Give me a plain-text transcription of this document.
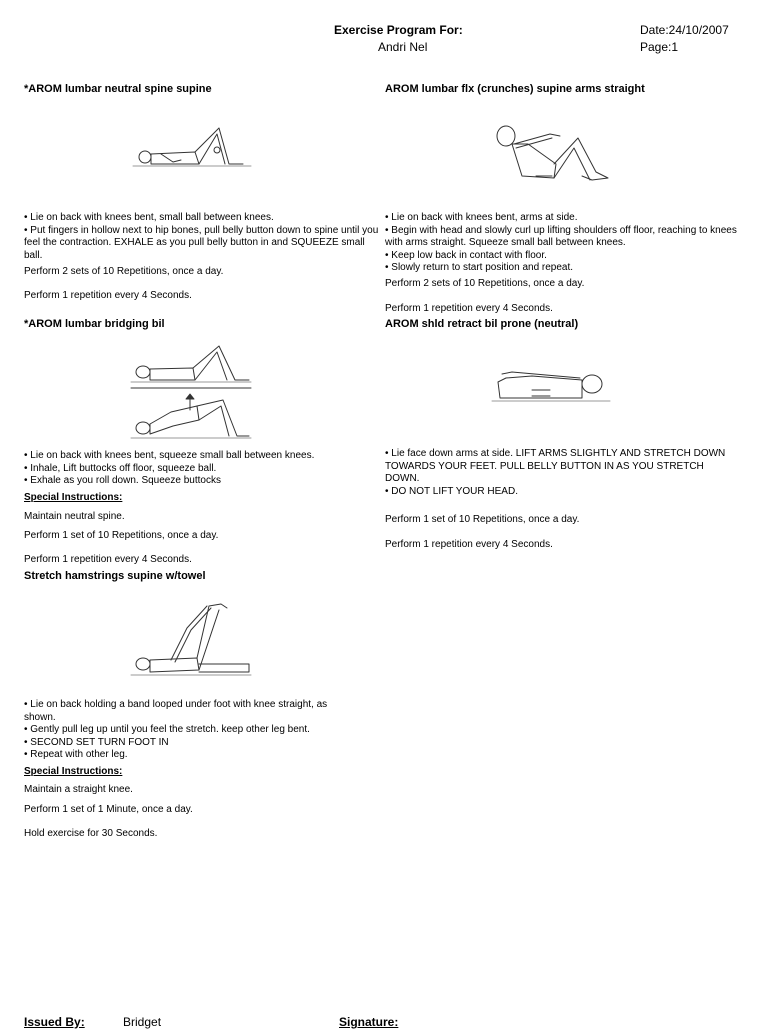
Exercise Program For:
Andri Nel
Date:24/10/2007
Page:1
*AROM lumbar neutral spine supine

• Lie on back with knees bent, small ball between knees.

• Put fingers in hollow next to hip bones, pull belly button down to spine until you feel the contraction. EXHALE as you pull belly button in and SQUEEZE small ball.

Perform 2 sets of 10 Repetitions, once a day.
Perform 1 repetition every 4 Seconds.
AROM lumbar flx (crunches) supine arms straight

• Lie on back with knees bent, arms at side.

• Begin with head and slowly curl up lifting shoulders off floor, reaching to knees with arms straight. Squeeze small ball between knees.

• Keep low back in contact with floor.

• Slowly return to start position and repeat.

Perform 2 sets of 10 Repetitions, once a day.
Perform 1 repetition every 4 Seconds.
*AROM lumbar bridging bil

• Lie on back with knees bent, squeeze small ball between knees.

• Inhale, Lift buttocks off floor, squeeze ball.

• Exhale as you roll down. Squeeze buttocks

Special Instructions:
Maintain neutral spine.
Perform 1 set of 10 Repetitions, once a day.
Perform 1 repetition every 4 Seconds.
AROM shld retract bil prone (neutral)

• Lie face down arms at side. LIFT ARMS SLIGHTLY AND STRETCH DOWN TOWARDS YOUR FEET. PULL BELLY BUTTON IN AS YOU STRETCH DOWN.

• DO NOT LIFT YOUR HEAD.

Perform 1 set of 10 Repetitions, once a day.
Perform 1 repetition every 4 Seconds.
Stretch hamstrings supine w/towel

• Lie on back holding a band looped under foot with knee straight, as shown.

• Gently pull leg up until you feel the stretch. keep other leg bent.

• SECOND SET TURN FOOT IN

• Repeat with other leg.

Special Instructions:
Maintain a straight knee.
Perform 1 set of 1 Minute, once a day.
Hold exercise for 30 Seconds.
Issued By:	Bridget	Signature:
